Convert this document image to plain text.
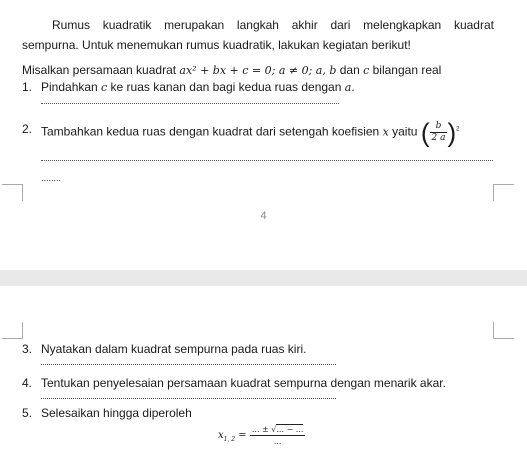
Rumus kuadratik merupakan langkah akhir dari melengkapkan kuadrat
sempurna. Untuk menemukan rumus kuadratik, lakukan kegiatan berikut!
Misalkan persamaan kuadrat ax² + bx + c = 0; a ≠ 0; a, b dan c bilangan real
1. Pindahkan c ke ruas kanan dan bagi kedua ruas dengan a.
2. Tambahkan kedua ruas dengan kuadrat dari setengah koefisien x yaitu ( $\frac{b}{2 a} )^2$
........
4
3. Nyatakan dalam kuadrat sempurna pada ruas kiri.
4. Tentukan penyelesaian persamaan kuadrat sempurna dengan menarik akar.
5. Selesaikan hingga diperoleh
$x_{1, 2} = \frac{... \pm √... - ...}{...}$
